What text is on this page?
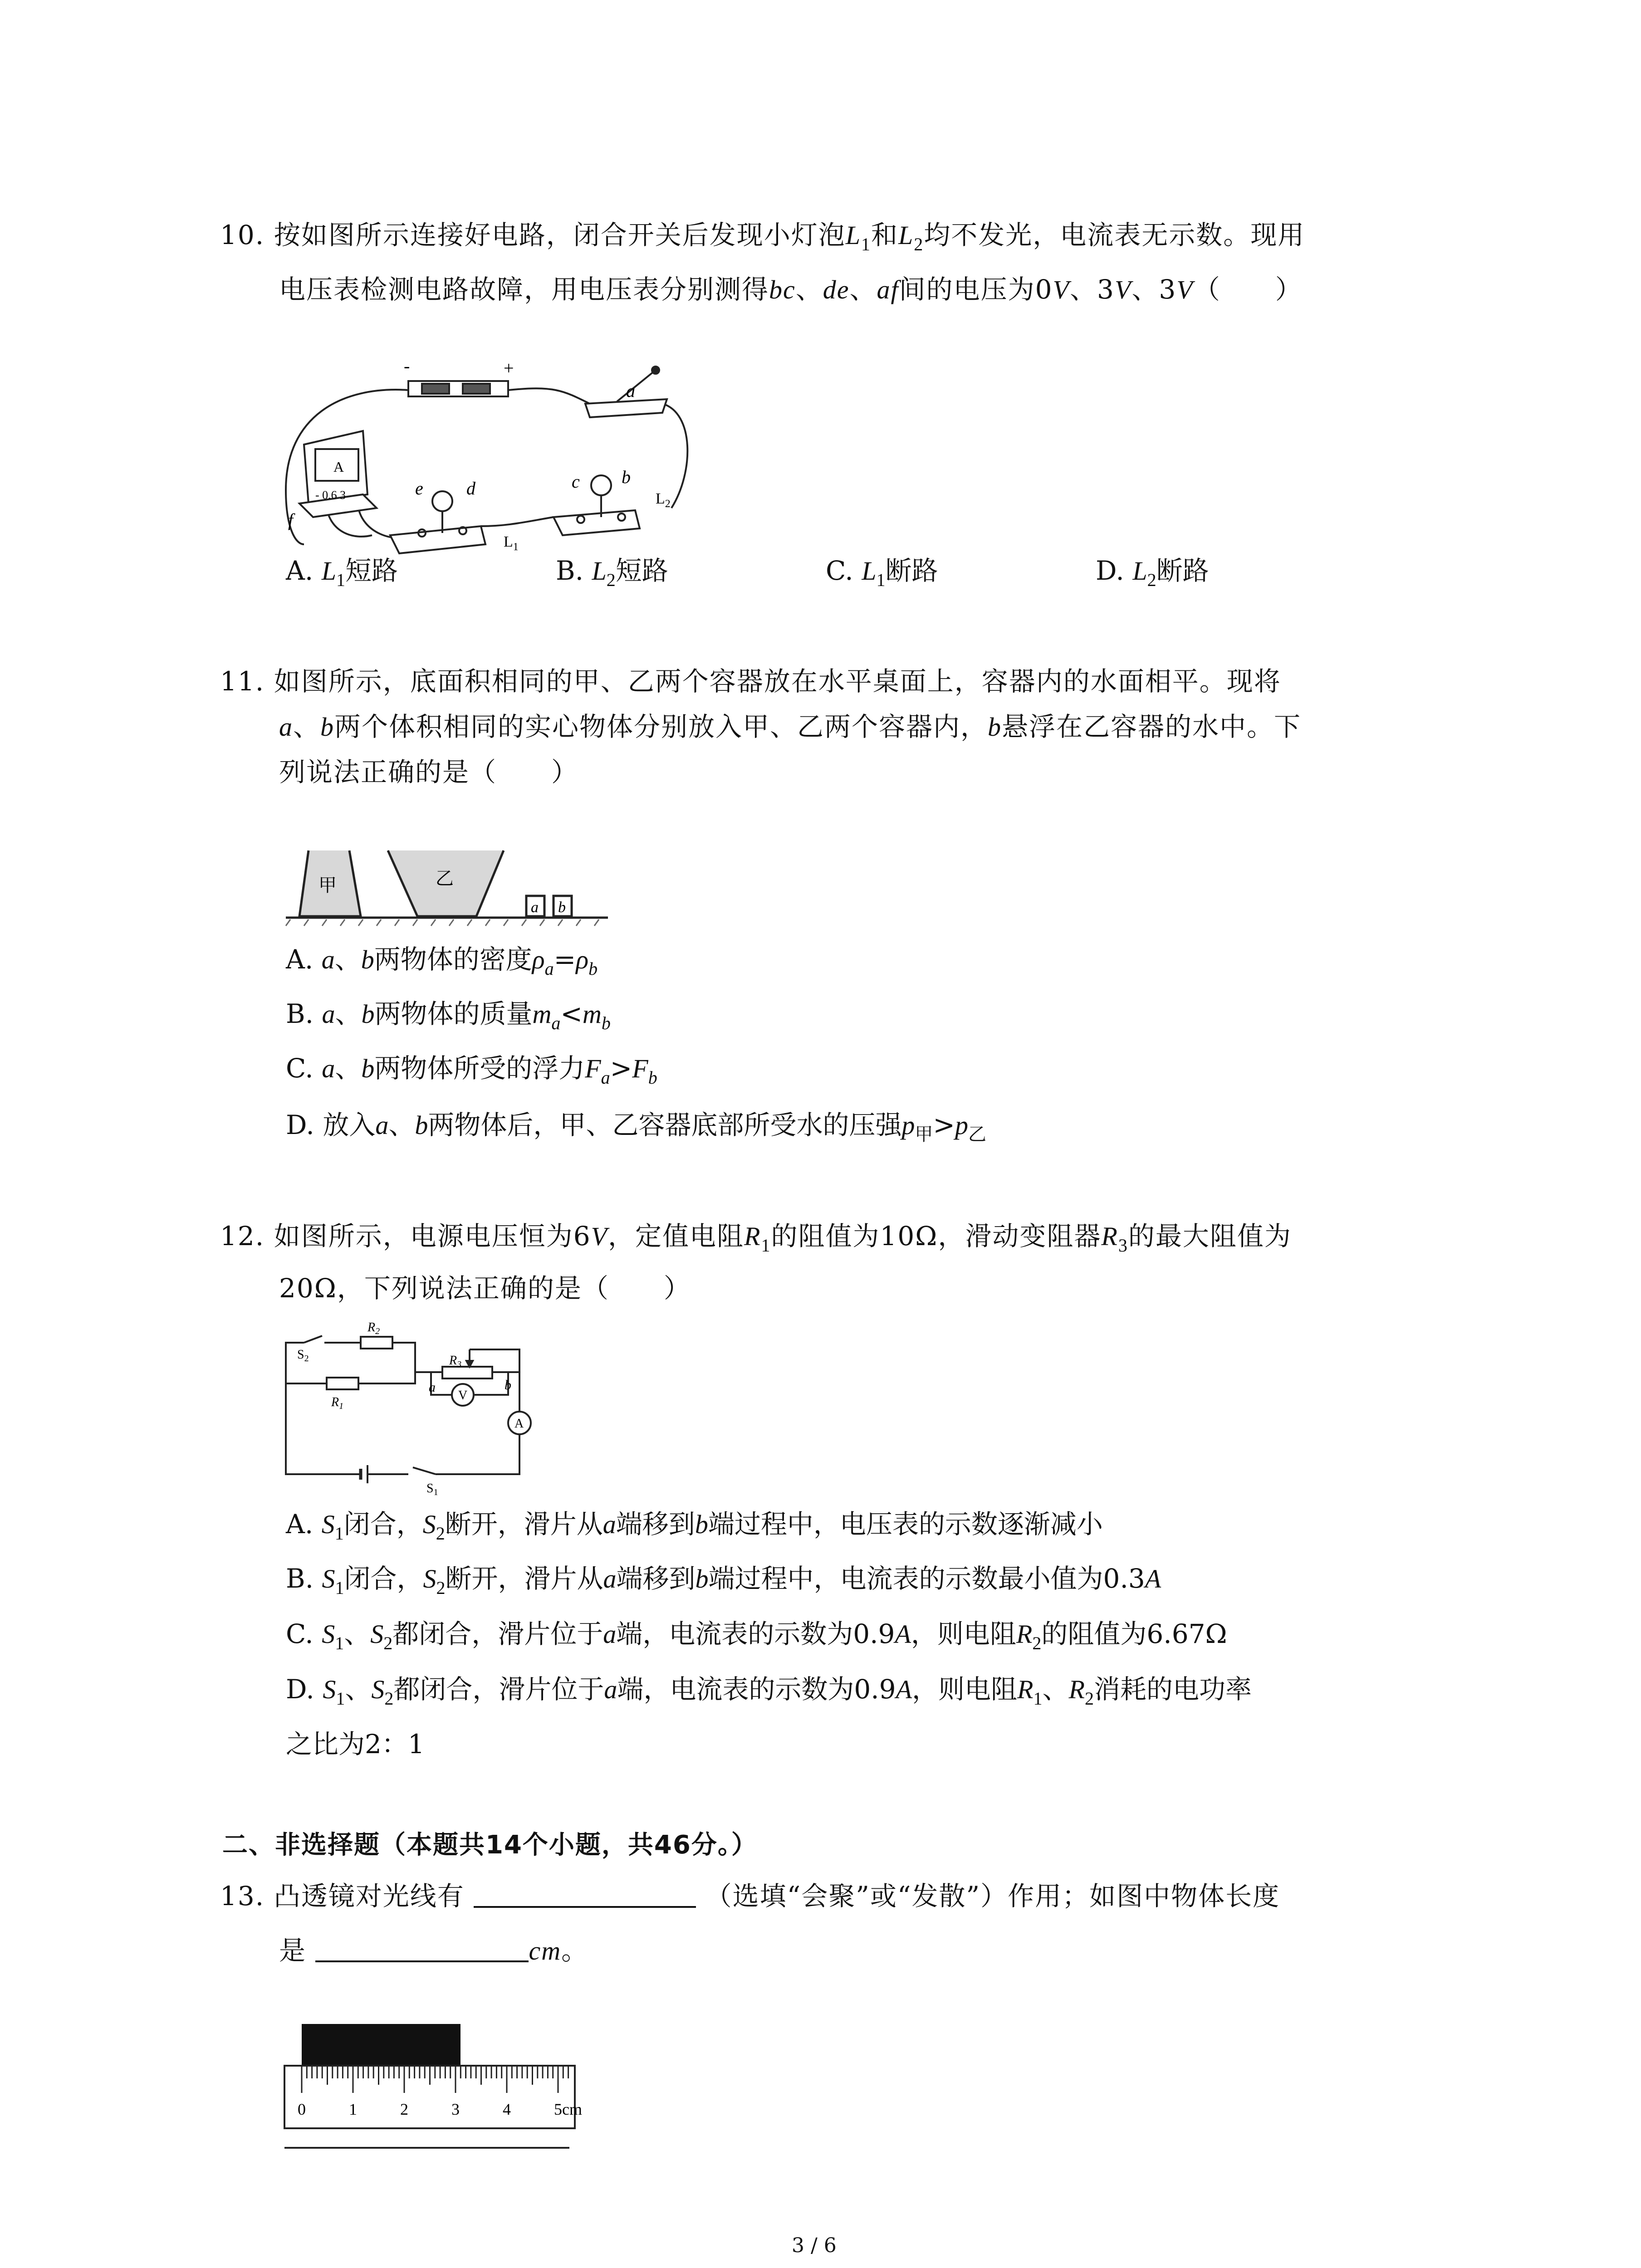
10. 按如图所示连接好电路，闭合开关后发现小灯泡$L_1$和$L_2$均不发光，电流表无示数。现用
电压表检测电路故障，用电压表分别测得bc、de、af间的电压为0V、3V、3V（　　）
-	+
A
- 0.6 3
a
f
e d	c b
$L_1$
$L_2$
A. $L_1$短路	B. $L_2$短路	C. $L_1$断路	D. $L_2$断路
11. 如图所示，底面积相同的甲、乙两个容器放在水平桌面上，容器内的水面相平。现将
a、b两个体积相同的实心物体分别放入甲、乙两个容器内，b悬浮在乙容器的水中。下
列说法正确的是（　　）
甲	乙
a b
A. a、b两物体的密度$\rho_a=\rho_b$
B. a、b两物体的质量$m_a<m_b$
C. a、b两物体所受的浮力$F_a>F_b$
D. 放入a、b两物体后，甲、乙容器底部所受水的压强$p_甲>p_乙$
12. 如图所示，电源电压恒为6V，定值电阻$R_1$的阻值为10Ω，滑动变阻器$R_3$的最大阻值为
20Ω，下列说法正确的是（　　）
$S_2$
$R_2$
$R_3$
a	b
V
$R_1$
A
$S_1$
A. $S_1$闭合，$S_2$断开，滑片从a端移到b端过程中，电压表的示数逐渐减小
B. $S_1$闭合，$S_2$断开，滑片从a端移到b端过程中，电流表的示数最小值为0.3A
C. $S_1$、$S_2$都闭合，滑片位于a端，电流表的示数为0.9A，则电阻$R_2$的阻值为6.67Ω
D. $S_1$、$S_2$都闭合，滑片位于a端，电流表的示数为0.9A，则电阻$R_1$、$R_2$消耗的电功率
之比为2：1
二、非选择题（本题共14个小题，共46分。）
13. 凸透镜对光线有	（选填“会聚”或“发散”）作用；如图中物体长度
是	cm。
0	1	2	3	4	5cm
3 / 6
